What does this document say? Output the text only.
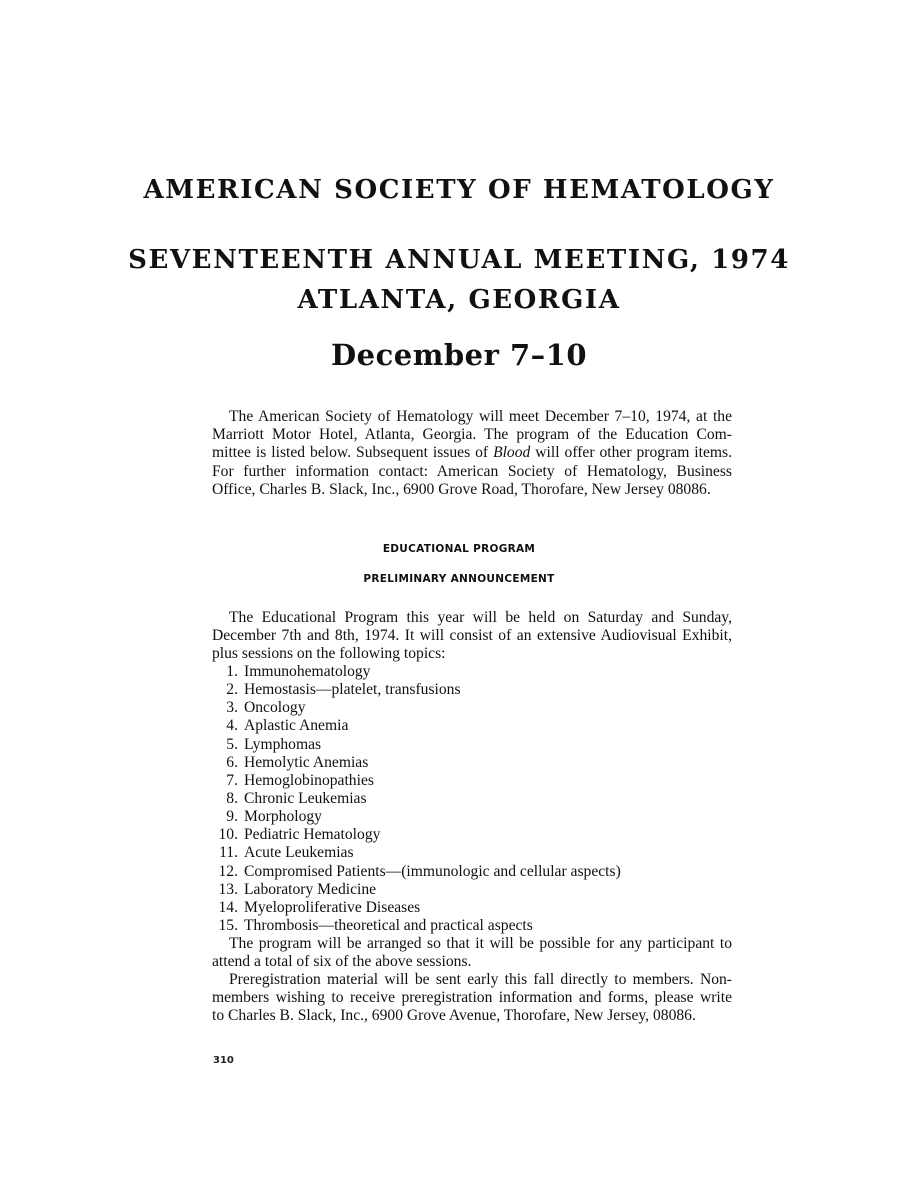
AMERICAN SOCIETY OF HEMATOLOGY
SEVENTEENTH ANNUAL MEETING, 1974
ATLANTA, GEORGIA
December 7–10
The American Society of Hematology will meet December 7–10, 1974, at the
Marriott Motor Hotel, Atlanta, Georgia. The program of the Education Com-
mittee is listed below. Subsequent issues of Blood will offer other program items.
For further information contact: American Society of Hematology, Business
Office, Charles B. Slack, Inc., 6900 Grove Road, Thorofare, New Jersey 08086.
EDUCATIONAL PROGRAM
PRELIMINARY ANNOUNCEMENT
The Educational Program this year will be held on Saturday and Sunday,
December 7th and 8th, 1974. It will consist of an extensive Audiovisual Exhibit,
plus sessions on the following topics:
1. Immunohematology
2. Hemostasis—platelet, transfusions
3. Oncology
4. Aplastic Anemia
5. Lymphomas
6. Hemolytic Anemias
7. Hemoglobinopathies
8. Chronic Leukemias
9. Morphology
10. Pediatric Hematology
11. Acute Leukemias
12. Compromised Patients—(immunologic and cellular aspects)
13. Laboratory Medicine
14. Myeloproliferative Diseases
15. Thrombosis—theoretical and practical aspects
The program will be arranged so that it will be possible for any participant to
attend a total of six of the above sessions.
Preregistration material will be sent early this fall directly to members. Non-
members wishing to receive preregistration information and forms, please write
to Charles B. Slack, Inc., 6900 Grove Avenue, Thorofare, New Jersey, 08086.
310
